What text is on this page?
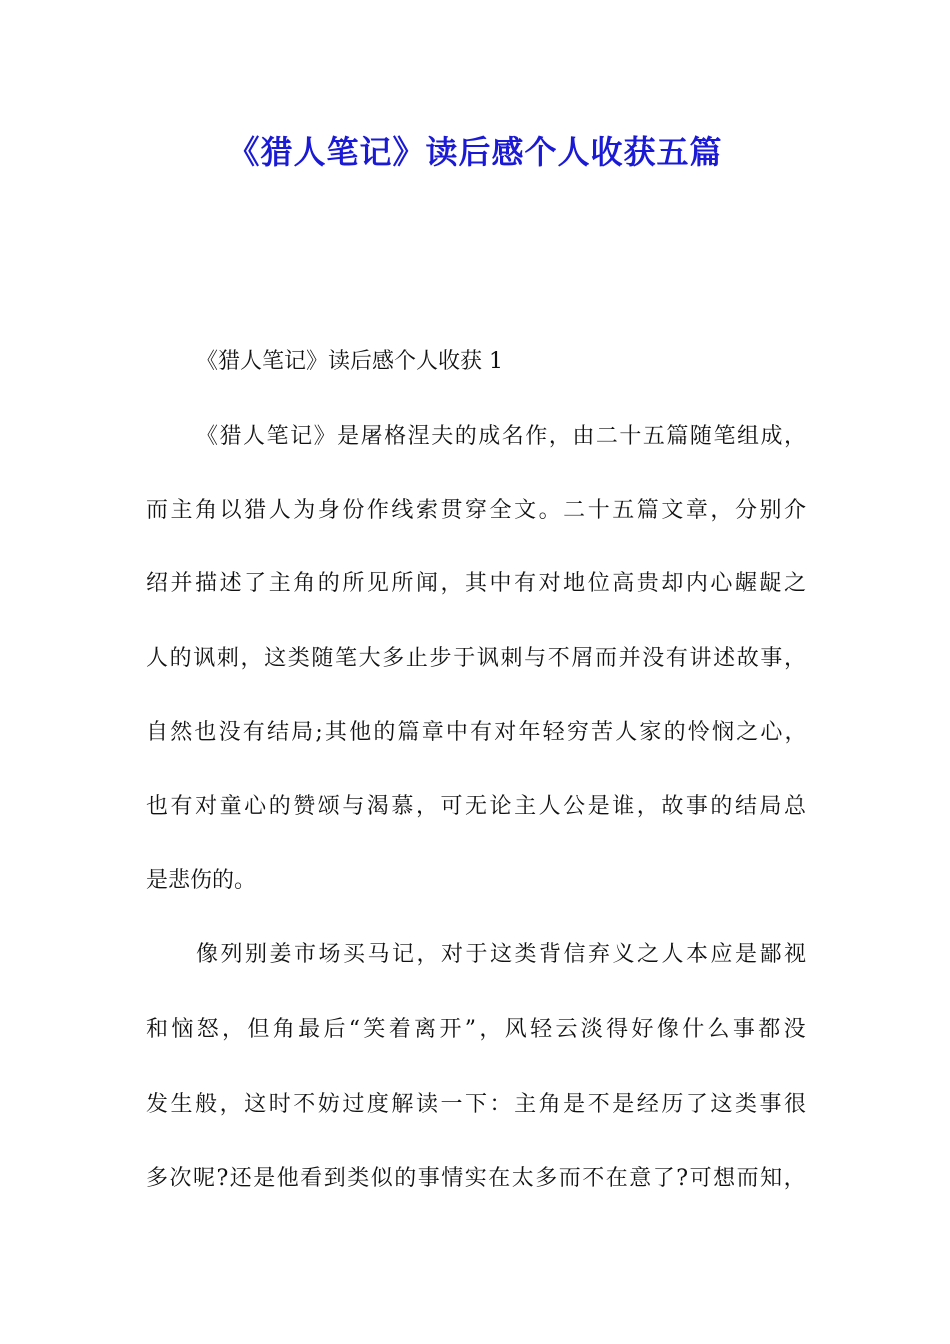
《猎人笔记》读后感个人收获五篇
《猎人笔记》读后感个人收获 1
《猎人笔记》是屠格涅夫的成名作，由二十五篇随笔组成，
而主角以猎人为身份作线索贯穿全文。二十五篇文章，分别介
绍并描述了主角的所见所闻，其中有对地位高贵却内心龌龊之
人的讽刺，这类随笔大多止步于讽刺与不屑而并没有讲述故事，
自然也没有结局;其他的篇章中有对年轻穷苦人家的怜悯之心，
也有对童心的赞颂与渴慕，可无论主人公是谁，故事的结局总
是悲伤的。
像列别姜市场买马记，对于这类背信弃义之人本应是鄙视
和恼怒，但角最后“笑着离开”，风轻云淡得好像什么事都没
发生般，这时不妨过度解读一下：主角是不是经历了这类事很
多次呢?还是他看到类似的事情实在太多而不在意了?可想而知，
